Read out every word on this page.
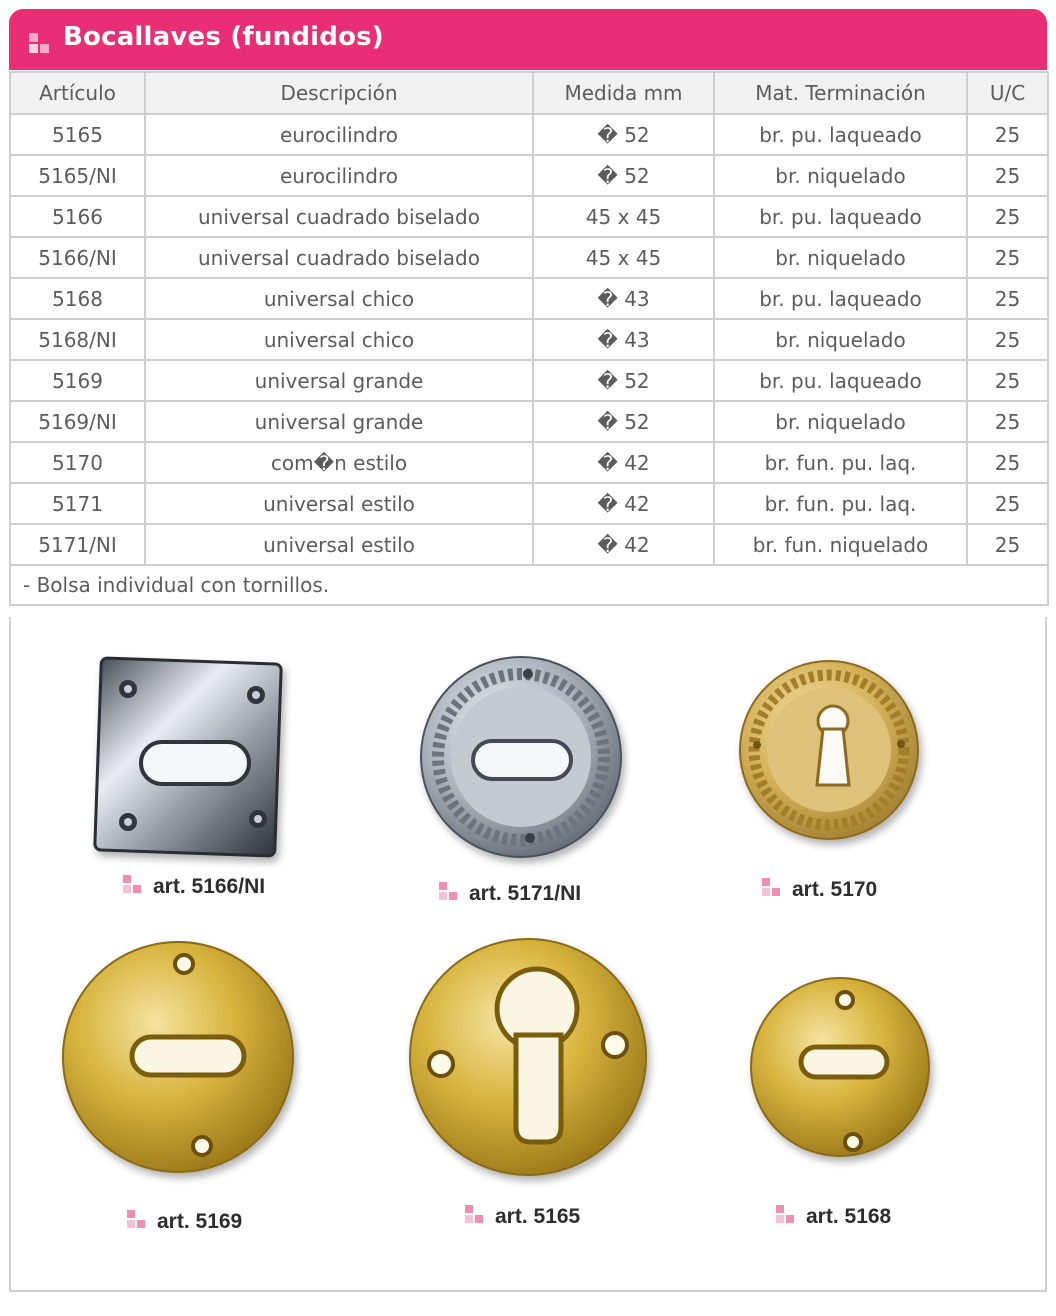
Bocallaves (fundidos)
Artículo	Descripción	Medida mm	Mat. Terminación	U/C
5165	eurocilindro	� 52	br. pu. laqueado	25
5165/NI	eurocilindro	� 52	br. niquelado	25
5166	universal cuadrado biselado	45 x 45	br. pu. laqueado	25
5166/NI	universal cuadrado biselado	45 x 45	br. niquelado	25
5168	universal chico	� 43	br. pu. laqueado	25
5168/NI	universal chico	� 43	br. niquelado	25
5169	universal grande	� 52	br. pu. laqueado	25
5169/NI	universal grande	� 52	br. niquelado	25
5170	com�n estilo	� 42	br. fun. pu. laq.	25
5171	universal estilo	� 42	br. fun. pu. laq.	25
5171/NI	universal estilo	� 42	br. fun. niquelado	25
- Bolsa individual con tornillos.				
art. 5166/NI	art. 5171/NI	art. 5170
art. 5169	art. 5165	art. 5168
